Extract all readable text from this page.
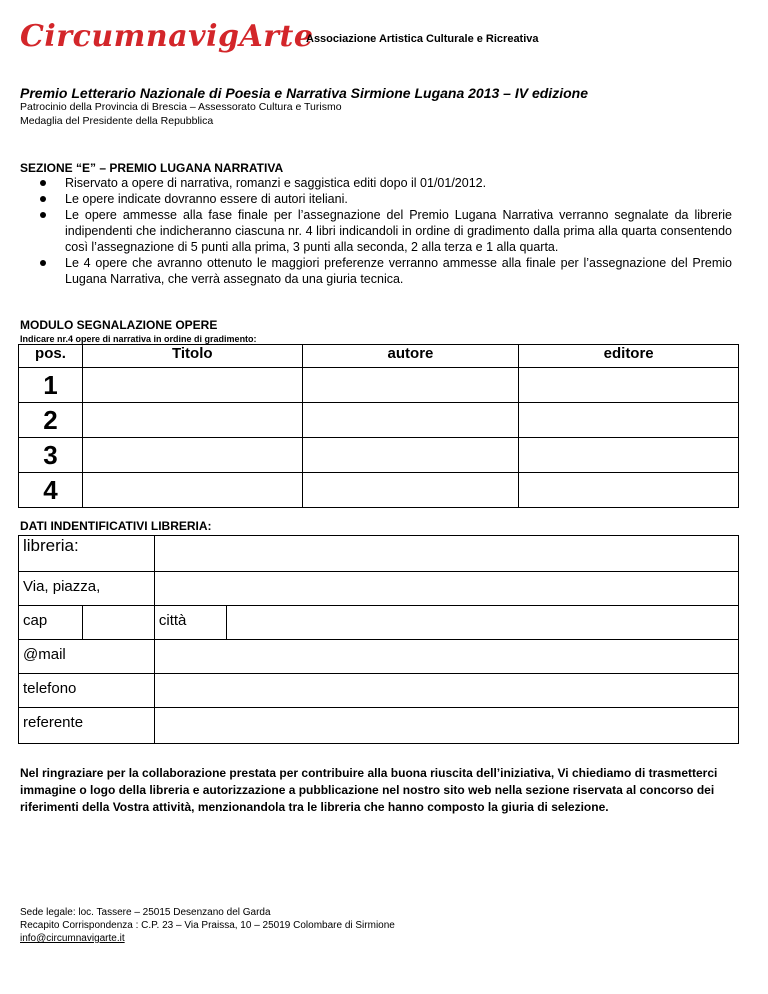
CircumnavigArte
Associazione Artistica Culturale e Ricreativa
Premio Letterario Nazionale di Poesia e Narrativa Sirmione Lugana 2013 – IV edizione
Patrocinio della Provincia di Brescia – Assessorato Cultura e Turismo
Medaglia del Presidente della Repubblica
SEZIONE “E” – PREMIO LUGANA NARRATIVA
Riservato a opere di narrativa, romanzi e saggistica editi dopo il 01/01/2012.
Le opere indicate dovranno essere di autori iteliani.
Le opere ammesse alla fase finale per l’assegnazione del Premio Lugana Narrativa verranno segnalate da librerie indipendenti che indicheranno ciascuna nr. 4 libri indicandoli in ordine di gradimento dalla prima alla quarta consentendo così l’assegnazione di 5 punti alla prima, 3 punti alla seconda, 2 alla terza e 1 alla quarta.
Le 4 opere che avranno ottenuto le maggiori preferenze verranno ammesse alla finale per l’assegnazione del Premio Lugana Narrativa, che verrà assegnato da una giuria tecnica.
MODULO SEGNALAZIONE OPERE
Indicare nr.4 opere di narrativa in ordine di gradimento:
pos.	Titolo	autore	editore
1			
2			
3			
4			
DATI INDENTIFICATIVI LIBRERIA:
libreria:			
Via, piazza,			
cap		città	
@mail			
telefono			
referente			
Nel ringraziare per la collaborazione prestata per contribuire alla buona riuscita dell’iniziativa, Vi chiediamo di trasmetterci immagine o logo della libreria e autorizzazione a pubblicazione nel nostro sito web nella sezione riservata al concorso dei riferimenti della Vostra attività, menzionandola tra le libreria che hanno composto la giuria di selezione.
Sede legale: loc. Tassere – 25015 Desenzano del Garda
Recapito Corrispondenza : C.P. 23 – Via Praissa, 10 – 25019 Colombare di Sirmione
info@circumnavigarte.it
